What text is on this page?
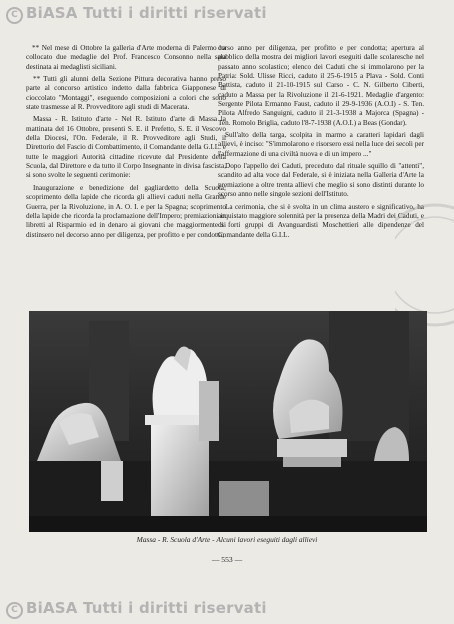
C BiASA Tutti i diritti riservati

** Nel mese di Ottobre la galleria d'Arte moderna di Palermo ha collocato due medaglie del Prof. Francesco Consonno nella sala destinata ai medaglisti siciliani.

** Tutti gli alunni della Sezione Pittura decorativa hanno preso parte al concorso artistico indetto dalla fabbrica Giapponese di cioccolato "Montaggi", eseguendo composizioni a colori che sono state trasmesse al R. Provveditore agli studi di Macerata.

Massa - R. Istituto d'arte - Nel R. Istituto d'arte di Massa la mattinata del 16 Ottobre, presenti S. E. il Prefetto, S. E. il Vescovo della Diocesi, l'On. Federale, il R. Provveditore agli Studi, il Direttorio del Fascio di Combattimento, il Comandante della G.I.L. e tutte le maggiori Autorità cittadine ricevute dal Presidente della Scuola, dal Direttore e da tutto il Corpo Insegnante in divisa fascista, si sono svolte le seguenti cerimonie:

Inaugurazione e benedizione del gagliardetto della Scuola; scoprimento della lapide che ricorda gli allievi caduti nella Grande Guerra, per la Rivoluzione, in A. O. I. e per la Spagna; scoprimento della lapide che ricorda la proclamazione dell'Impero; premiazioni in libretti al Risparmio ed in denaro ai giovani che maggiormente si distinsero nel decorso anno per diligenza, per profitto e per condotta;

corso anno per diligenza, per profitto e per condotta; apertura al pubblico della mostra dei migliori lavori eseguiti dalle scolaresche nel passato anno scolastico; elenco dei Caduti che si immolarono per la Patria: Sold. Ulisse Ricci, caduto il 25-6-1915 a Plava - Sold. Conti Battista, caduto il 21-10-1915 sul Carso - C. N. Gilberto Ciberti, caduto a Massa per la Rivoluzione il 21-6-1921. Medaglie d'argento: Sergente Pilota Ermanno Faust, caduto il 29-9-1936 (A.O.I) - S. Ten. Pilota Alfredo Sanguigni, caduto il 21-3-1938 a Majorca (Spagna) - Ten. Romolo Briglia, caduto l'8-7-1938 (A.O.I.) a Beas (Gondar).

Sull'alto della targa, scolpita in marmo a caratteri lapidari dagli allievi, è inciso: "S'immolarono e risorsero essi nella luce dei secoli per l'affermazione di una civiltà nuova e di un impero ..."

Dopo l'appello dei Caduti, preceduto dal rituale squillo di "attenti", scandito ad alta voce dal Federale, si è iniziata nella Galleria d'Arte la premiazione a oltre trenta allievi che meglio si sono distinti durante lo scorso anno nelle singole sezioni dell'Istituto.

La cerimonia, che si è svolta in un clima austero e significativo, ha acquistato maggiore solennità per la presenza della Madri dei Caduti, e di forti gruppi di Avanguardisti Moschettieri alle dipendenze del Comandante della G.I.L.

Massa - R. Scuola d'Arte - Alcuni lavori eseguiti dagli allievi
— 553 —
C BiASA Tutti i diritti riservati
